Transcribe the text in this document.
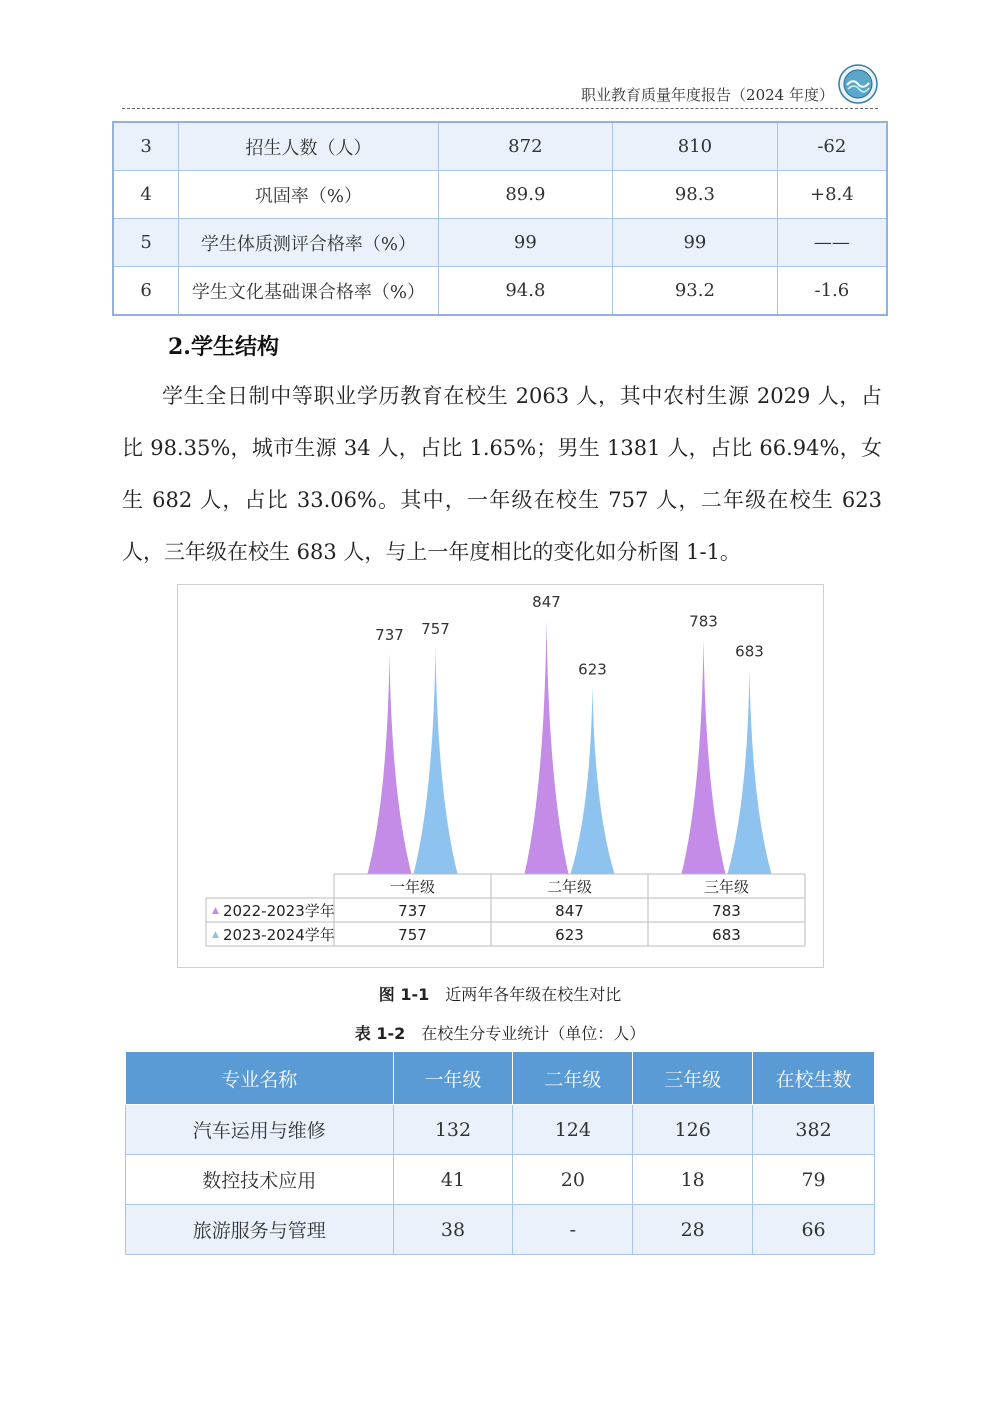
职业教育质量年度报告（2024 年度）
3	招生人数（人）	872	810	-62
4	巩固率（%）	89.9	98.3	+8.4
5	学生体质测评合格率（%）	99	99	——
6	学生文化基础课合格率（%）	94.8	93.2	-1.6
2.学生结构

学生全日制中等职业学历教育在校生 2063 人，其中农村生源 2029 人，占比 98.35%，城市生源 34 人，占比 1.65%；男生 1381 人，占比 66.94%，女生 682 人，占比 33.06%。其中，一年级在校生 757 人，二年级在校生 623 人，三年级在校生 683 人，与上一年度相比的变化如分析图 1-1。

737 757
847
623
783
683
一年级	二年级	三年级
2022-2023学年	737	847	783
2023-2024学年	757	623	683
图 1-1 近两年各年级在校生对比
表 1-2 在校生分专业统计（单位：人）
专业名称	一年级	二年级	三年级	在校生数
汽车运用与维修	132	124	126	382
数控技术应用	41	20	18	79
旅游服务与管理	38	-	28	66
